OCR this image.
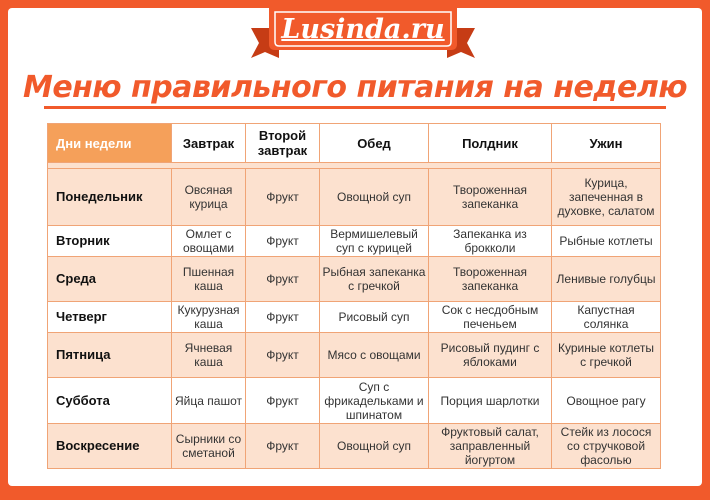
Lusinda.ru
Меню правильного питания на неделю
Дни недели	Завтрак	Второй завтрак	Обед	Полдник	Ужин

Понедельник	Овсяная курица	Фрукт	Овощной суп	Твороженная запеканка	Курица, запеченная в духовке, салатом
Вторник	Омлет с овощами	Фрукт	Вермишелевый суп с курицей	Запеканка из брокколи	Рыбные котлеты
Среда	Пшенная каша	Фрукт	Рыбная запеканка с гречкой	Твороженная запеканка	Ленивые голубцы
Четверг	Кукурузная каша	Фрукт	Рисовый суп	Сок с несдобным печеньем	Капустная солянка
Пятница	Ячневая каша	Фрукт	Мясо с овощами	Рисовый пудинг с яблоками	Куриные котлеты с гречкой
Суббота	Яйца пашот	Фрукт	Суп с фрикадельками и шпинатом	Порция шарлотки	Овощное рагу
Воскресение	Сырники со сметаной	Фрукт	Овощной суп	Фруктовый салат, заправленный йогуртом	Стейк из лосося со стручковой фасолью
